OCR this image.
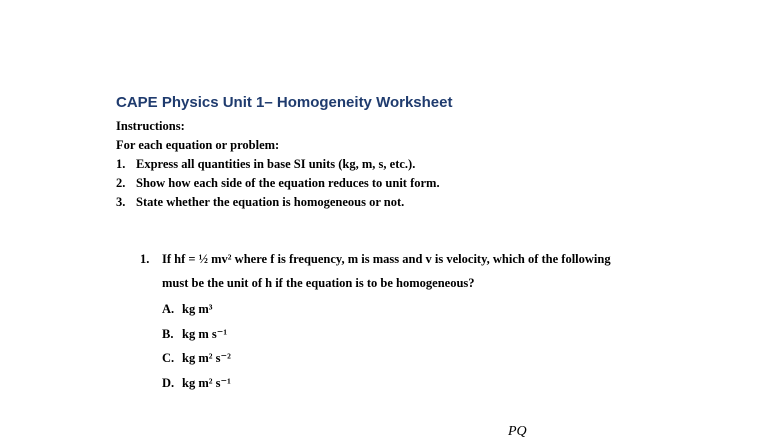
CAPE Physics Unit 1– Homogeneity Worksheet
Instructions:
For each equation or problem:
1. Express all quantities in base SI units (kg, m, s, etc.).
2. Show how each side of the equation reduces to unit form.
3. State whether the equation is homogeneous or not.
1. If hf = ½ mv² where f is frequency, m is mass and v is velocity, which of the following
must be the unit of h if the equation is to be homogeneous?
A. kg m³
B. kg m s⁻¹
C. kg m² s⁻²
D. kg m² s⁻¹
PQ
